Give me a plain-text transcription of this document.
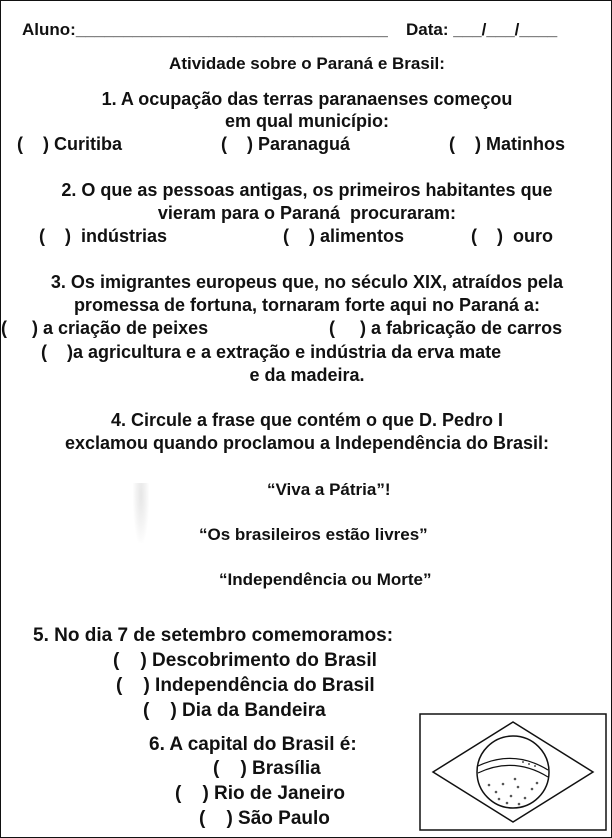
Aluno:_________________________________ Data: ___/___/____
Atividade sobre o Paraná e Brasil:
1. A ocupação das terras paranaenses começou
em qual município:
(    ) Curitiba	(    ) Paranaguá	(    ) Matinhos
2. O que as pessoas antigas, os primeiros habitantes que
vieram para o Paraná  procuraram:
(    )  indústrias	(    ) alimentos	(    )  ouro
3. Os imigrantes europeus que, no século XIX, atraídos pela
promessa de fortuna, tornaram forte aqui no Paraná a:
(     ) a criação de peixes	(     ) a fabricação de carros
(    )a agricultura e a extração e indústria da erva mate
e da madeira.
4. Circule a frase que contém o que D. Pedro I
exclamou quando proclamou a Independência do Brasil:
“Viva a Pátria”!
“Os brasileiros estão livres”
“Independência ou Morte”
5. No dia 7 de setembro comemoramos:
(    ) Descobrimento do Brasil
(    ) Independência do Brasil
(    ) Dia da Bandeira
6. A capital do Brasil é:
(    ) Brasília
(    ) Rio de Janeiro
(    ) São Paulo
